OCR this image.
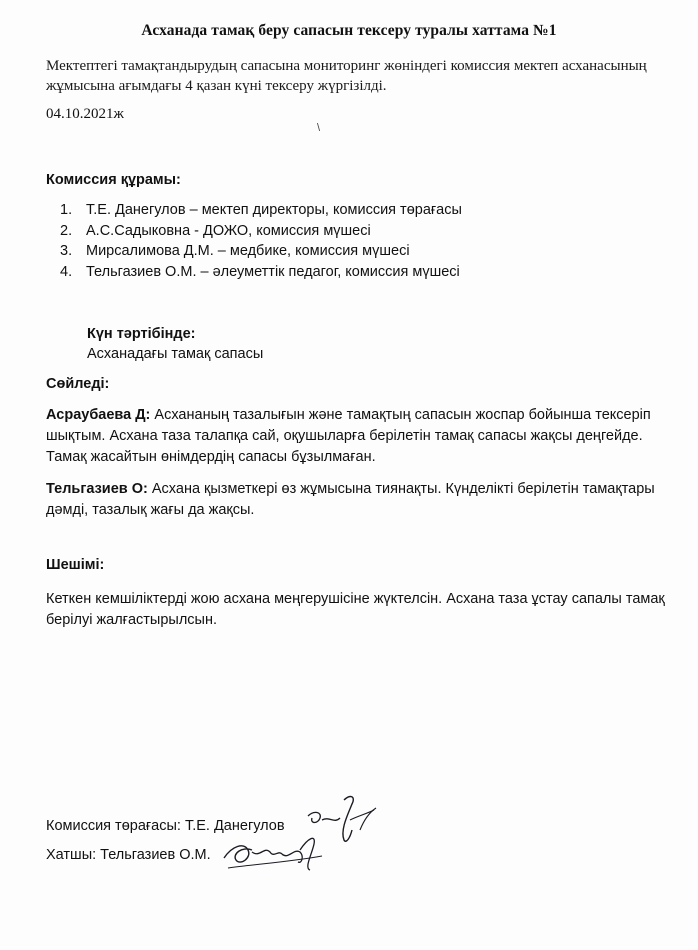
Асханада тамақ беру сапасын тексеру туралы хаттама №1
Мектептегі тамақтандырудың сапасына мониторинг жөніндегі комиссия мектеп асханасының жұмысына ағымдағы 4 қазан күні тексеру жүргізілді.
04.10.2021ж
\
Комиссия құрамы:
1. Т.Е. Данегулов – мектеп директоры, комиссия төрағасы
2. А.С.Садыковна - ДОЖО, комиссия мүшесі
3. Мирсалимова Д.М. – медбике, комиссия мүшесі
4. Тельгазиев О.М. – әлеуметтік педагог, комиссия мүшесі
Күн тәртібінде:
Асханадағы тамақ сапасы
Сөйледі:
Асраубаева Д: Асхананың тазалығын және тамақтың сапасын жоспар бойынша тексеріп шықтым. Асхана таза талапқа сай, оқушыларға берілетін тамақ сапасы жақсы деңгейде. Тамақ жасайтын өнімдердің сапасы бұзылмаған.
Тельгазиев О: Асхана қызметкері өз жұмысына тиянақты. Күнделікті берілетін тамақтары дәмді, тазалық жағы да жақсы.
Шешімі:
Кеткен кемшіліктерді жою асхана меңгерушісіне жүктелсін. Асхана таза ұстау сапалы тамақ берілуі жалғастырылсын.
Комиссия төрағасы: Т.Е. Данегулов
Хатшы: Тельгазиев О.М.
